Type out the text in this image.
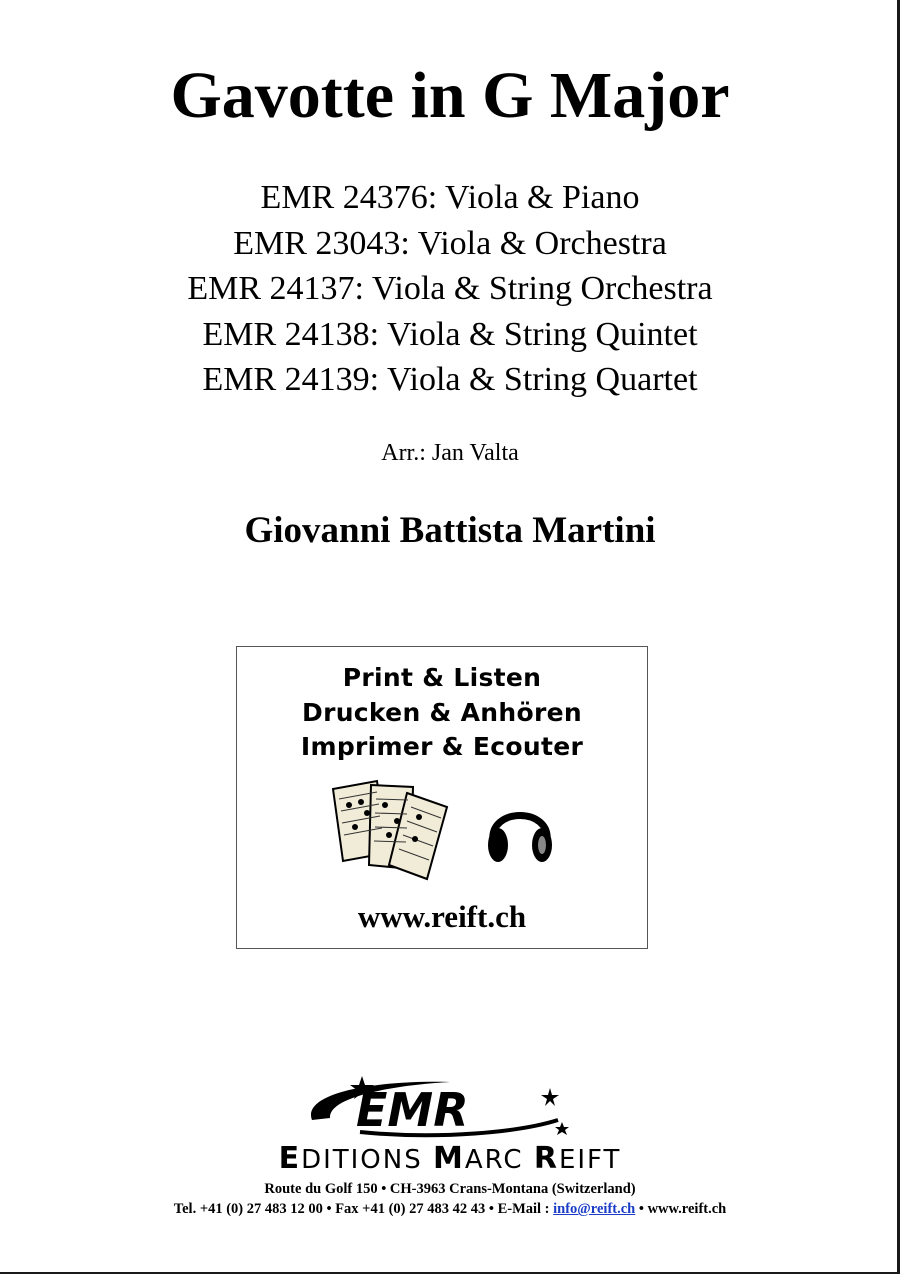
Gavotte in G Major
EMR 24376: Viola & Piano
EMR 23043: Viola & Orchestra
EMR 24137: Viola & String Orchestra
EMR 24138: Viola & String Quintet
EMR 24139: Viola & String Quartet
Arr.: Jan Valta
Giovanni Battista Martini
Print & Listen
Drucken & Anhören
Imprimer & Ecouter
www.reift.ch
EMR
EDITIONS MARC REIFT
Route du Golf 150 • CH-3963 Crans-Montana (Switzerland)
Tel. +41 (0) 27 483 12 00 • Fax +41 (0) 27 483 42 43 • E-Mail : info@reift.ch • www.reift.ch
